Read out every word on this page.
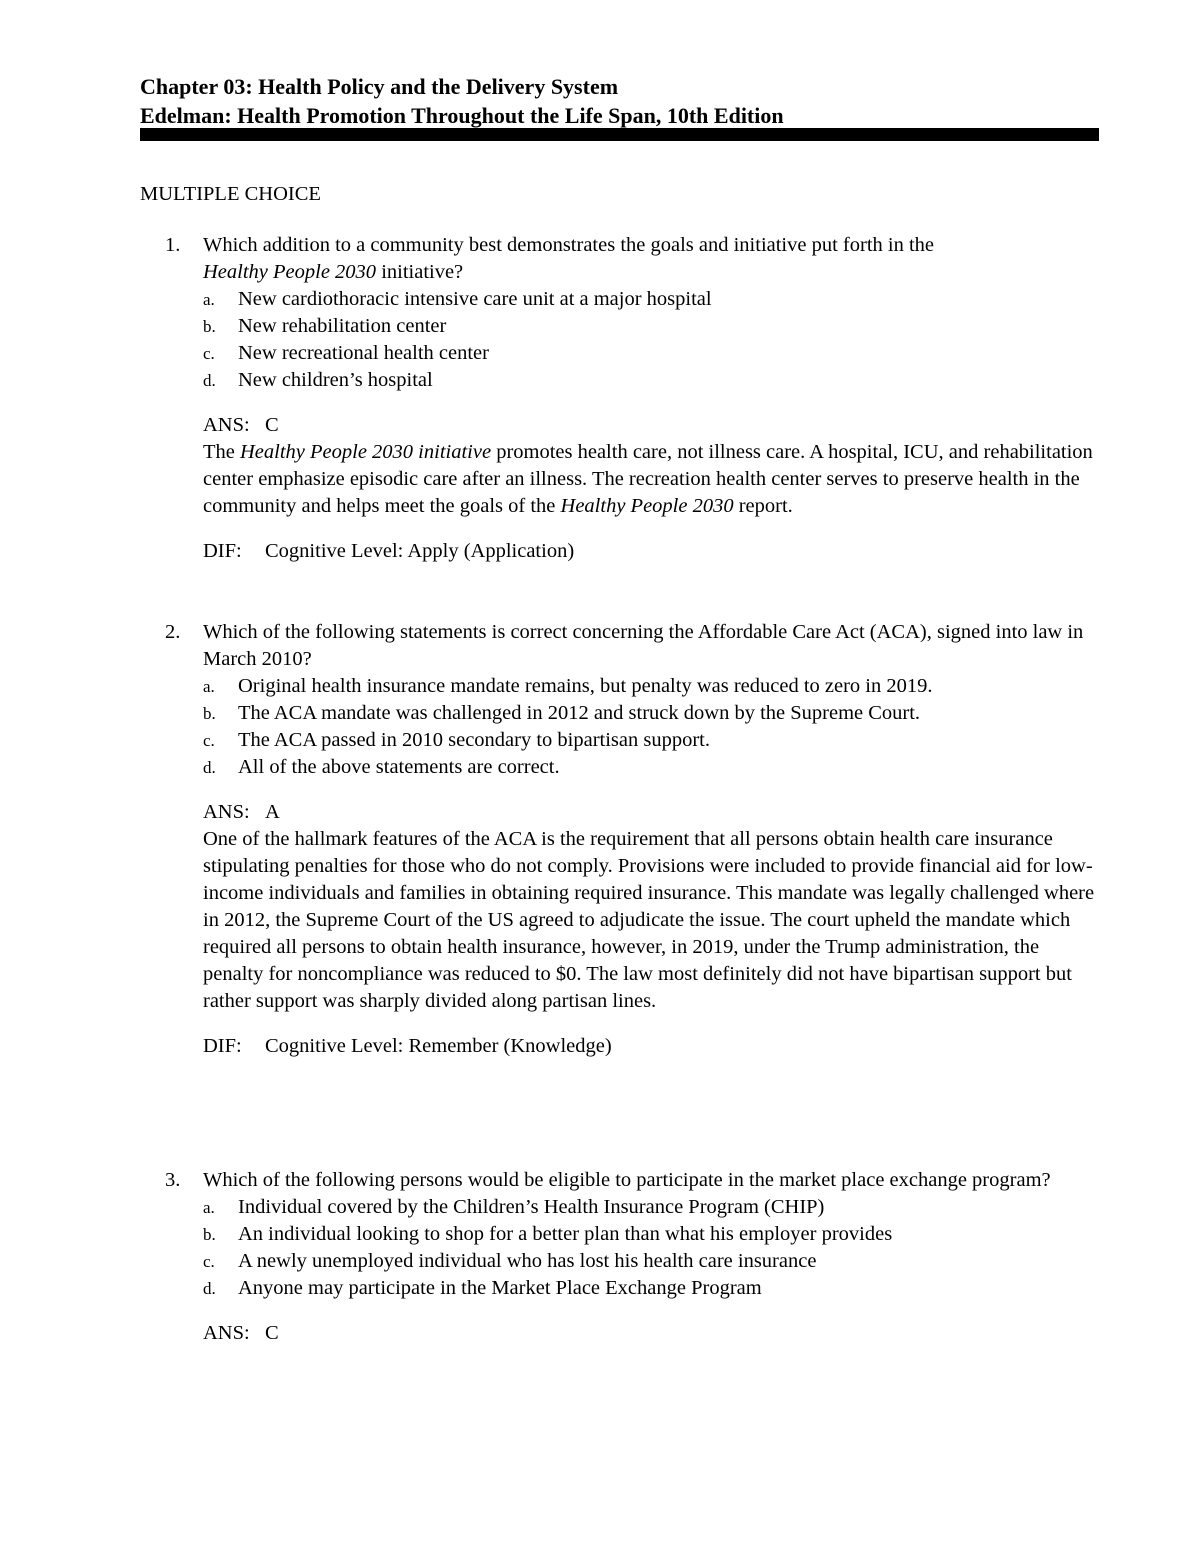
Chapter 03: Health Policy and the Delivery System
Edelman: Health Promotion Throughout the Life Span, 10th Edition
MULTIPLE CHOICE
1. Which addition to a community best demonstrates the goals and initiative put forth in the
Healthy People 2030 initiative?
a. New cardiothoracic intensive care unit at a major hospital
b. New rehabilitation center
c. New recreational health center
d. New children’s hospital
ANS: C
The Healthy People 2030 initiative promotes health care, not illness care. A hospital, ICU, and rehabilitation center emphasize episodic care after an illness. The recreation health center serves to preserve health in the community and helps meet the goals of the Healthy People 2030 report.
DIF: Cognitive Level: Apply (Application)
2. Which of the following statements is correct concerning the Affordable Care Act (ACA), signed into law in March 2010?
a. Original health insurance mandate remains, but penalty was reduced to zero in 2019.
b. The ACA mandate was challenged in 2012 and struck down by the Supreme Court.
c. The ACA passed in 2010 secondary to bipartisan support.
d. All of the above statements are correct.
ANS: A
One of the hallmark features of the ACA is the requirement that all persons obtain health care insurance stipulating penalties for those who do not comply. Provisions were included to provide financial aid for low-income individuals and families in obtaining required insurance. This mandate was legally challenged where in 2012, the Supreme Court of the US agreed to adjudicate the issue. The court upheld the mandate which required all persons to obtain health insurance, however, in 2019, under the Trump administration, the penalty for noncompliance was reduced to $0. The law most definitely did not have bipartisan support but rather support was sharply divided along partisan lines.
DIF: Cognitive Level: Remember (Knowledge)
3. Which of the following persons would be eligible to participate in the market place exchange program?
a. Individual covered by the Children’s Health Insurance Program (CHIP)
b. An individual looking to shop for a better plan than what his employer provides
c. A newly unemployed individual who has lost his health care insurance
d. Anyone may participate in the Market Place Exchange Program
ANS: C
